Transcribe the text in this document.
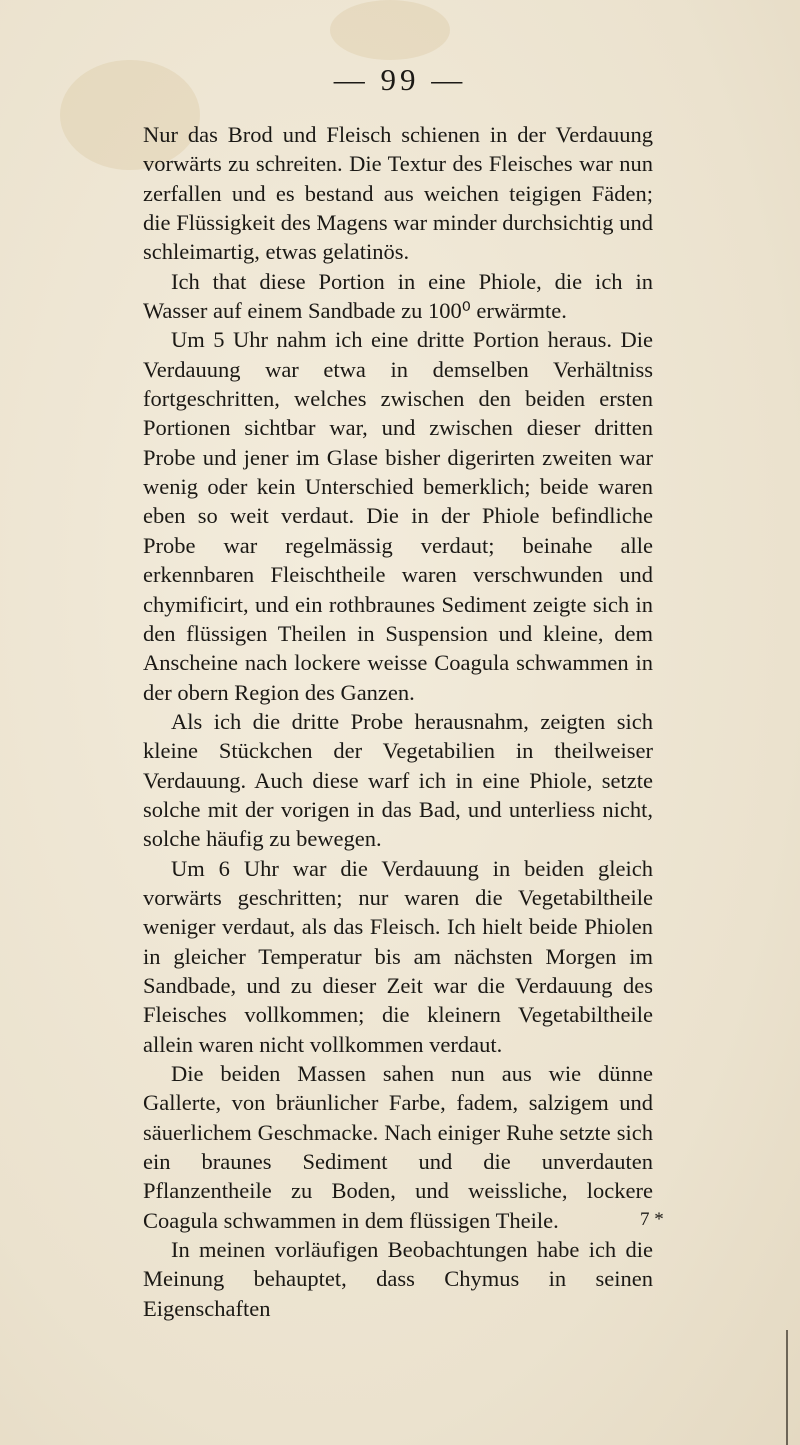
— 99 —

Nur das Brod und Fleisch schienen in der Verdauung vorwärts zu schreiten. Die Textur des Fleisches war nun zerfallen und es bestand aus weichen teigigen Fäden; die Flüssigkeit des Magens war minder durchsichtig und schleimartig, etwas gelatinös.

Ich that diese Portion in eine Phiole, die ich in Wasser auf einem Sandbade zu 100⁰ erwärmte.

Um 5 Uhr nahm ich eine dritte Portion heraus. Die Verdauung war etwa in demselben Verhältniss fortgeschritten, welches zwischen den beiden ersten Portionen sichtbar war, und zwischen dieser dritten Probe und jener im Glase bisher digerirten zweiten war wenig oder kein Unterschied bemerklich; beide waren eben so weit verdaut. Die in der Phiole befindliche Probe war regelmässig verdaut; beinahe alle erkennbaren Fleischtheile waren verschwunden und chymificirt, und ein rothbraunes Sediment zeigte sich in den flüssigen Theilen in Suspension und kleine, dem Anscheine nach lockere weisse Coagula schwammen in der obern Region des Ganzen.

Als ich die dritte Probe herausnahm, zeigten sich kleine Stückchen der Vegetabilien in theilweiser Verdauung. Auch diese warf ich in eine Phiole, setzte solche mit der vorigen in das Bad, und unterliess nicht, solche häufig zu bewegen.

Um 6 Uhr war die Verdauung in beiden gleich vorwärts geschritten; nur waren die Vegetabiltheile weniger verdaut, als das Fleisch. Ich hielt beide Phiolen in gleicher Temperatur bis am nächsten Morgen im Sandbade, und zu dieser Zeit war die Verdauung des Fleisches vollkommen; die kleinern Vegetabiltheile allein waren nicht vollkommen verdaut.

Die beiden Massen sahen nun aus wie dünne Gallerte, von bräunlicher Farbe, fadem, salzigem und säuerlichem Geschmacke. Nach einiger Ruhe setzte sich ein braunes Sediment und die unverdauten Pflanzentheile zu Boden, und weissliche, lockere Coagula schwammen in dem flüssigen Theile.

In meinen vorläufigen Beobachtungen habe ich die Meinung behauptet, dass Chymus in seinen Eigenschaften

7 *
